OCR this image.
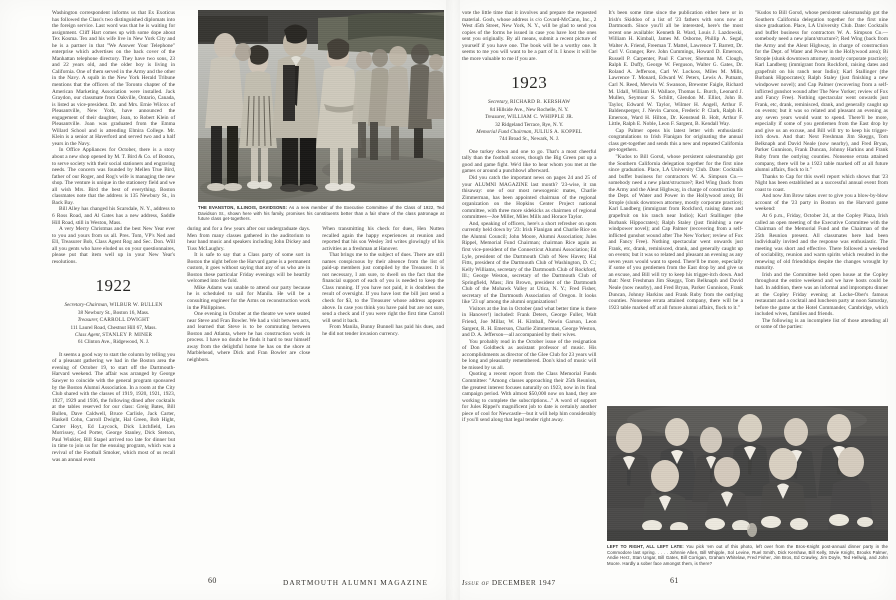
Washington correspondent informs us that Ex Exoticus has followed the Class's two distinguished diplomats into the foreign service. Last word was that he is waiting for assignment. Cliff Hart comes up with some dope about Tex Kosma. Tex and his wife live in New York City and he is a partner in that "We Answer Your Telephone" enterprise which advertises on the back cover of the Manhattan telephone directory. They have two sons, 23 and 22 years old, and the older boy is living in California. One of them served in the Army and the other in the Navy. A squib in the New York Herald Tribune mentions that the officers of the Toronto chapter of the American Marketing Association were installed. Jack Graydon, our classmate from Oakville, Ontario, Canada, is listed as vice-president. Dr. and Mrs. Ernie Wilcox of Pleasantville, New York, have announced the engagement of their daughter, Joan, to Robert Klein of Pleasantville. Joan was graduated from the Emma Willard School and is attending Elmira College. Mr. Klein is a senior at Haverford and served two and a half years in the Navy.

In Office Appliances for October, there is a story about a new shop opened by M. T. Bird & Co. of Boston, to serve society with their social stationers and engraving needs. The concern was founded by Mellen True Bird, father of our Roger, and Rog's wife is managing the new shop. The venture is unique in the stationery field and we all wish Mrs. Bird the best of everything. Boston classmates note that the address is 135 Newbury St., in Back Bay.

Bill Alley has changed his Scarsdale, N. Y., address to 6 Ross Road, and Al Gates has a new address, Saddle Hill Road, still in Weston, Mass.

A very Merry Christmas and the best New Year ever to you and yours from us all. Pres. Tom, VP's Ned and Ell, Treasurer Bob, Class Agent Rog and Sec. Don. Will all you gents who have eluded us on your questionnaires, please put that item well up in your New Year's resolutions.

1922
Secretary-Chairman, WILBUR W. BULLEN
38 Newbury St., Boston 16, Mass.
Treasurer, CARROLL DWIGHT
111 Laurel Road, Chestnut Hill 67, Mass.
Class Agent, STANLEY P. MINER
61 Clinton Ave., Ridgewood, N. J.

It seems a good way to start the column by telling you of a pleasant gathering we had in the Boston area the evening of October 19, to start off the Dartmouth-Harvard weekend. The affair was arranged by George Sawyer to coincide with the general program sponsored by the Boston Alumni Association. In a room at the City Club shared with the classes of 1919, 1920, 1921, 1923, 1927, 1929 and 1936, the following dined after cocktails at the tables reserved for our class: Greig Bates, Bill Bullen, Dave Caldwell, Bruce Carlisle, Jack Carter, Haskell Cohn, Carroll Dwight, Hal Green, Bob Hight, Carter Hoyt, Ed Laycock, Dick Litchfield, Len Morrissey, Ced Porter, George Stanley, Dick Stetson, Paul Winkler, Bill Stapel arrived too late for dinner but in time to join us for the ensuing program, which was a revival of the Football Smoker, which most of us recall was an annual event

during and for a few years after our undergraduate days. Men from many classes gathered in the auditorium to hear band music and speakers including John Dickey and Tuss McLaughry.

It is safe to say that a Class party of some sort in Boston the night before the Harvard game is a permanent custom, it goes without saying that any of us who are in Boston these particular Friday evenings will be heartily welcomed into the fold.

Mike Adams was unable to attend our party because he is scheduled to sail for Manila. He will be a consulting engineer for the Arms on reconstruction work in the Philippines.

One evening in October at the theatre we were seated near Steve and Fran Bowler. We had a visit between acts, and learned that Steve is to be commuting between Boston and Atlanta, where he has construction work in process. I have no doubt he finds it hard to tear himself away from the delightful home he has on the shore at Marblehead, where Dick and Fran Bowler are close neighbors.

When transmitting his check for dues, Hen Nutten recalled again the happy experiences at reunion and reported that his son Wesley 3rd writes glowingly of his activities as a freshman at Hanover.

That brings me to the subject of dues. There are still names conspicuous by their absence from the list of paid-up members just compiled by the Treasurer. It is not necessary, I am sure, to dwell on the fact that the financial support of each of you is needed to keep the Class running. If you have not paid, it is doubtless the result of oversight. If you have lost the bill just send a check for $3, to the Treasurer whose address appears above. In case you think you have paid but are not sure, send a check and if you were right the first time Carroll will send it back.

From Manila, Bunny Bunnell has paid his dues, and he did not tender invasion currency.

THE EVANSTON, ILLINOIS, DAVIDSONS: As a new member of the Executive Committee of the Class of 1922, Ted Davidson Sr., shown here with his family, promises his constituents better than a fair share of the class patronage at future class get-togethers.
60	DARTMOUTH ALUMNI MAGAZINE

vote the little time that it involves and prepare the requested material. Gosh, whose address is c/o Covard-McCann, Inc., 2 West 45th Street, New York, N. Y., will be glad to send you copies of the forms he issued in case you have lost the ones sent you originally. By all means, submit a recent picture of yourself if you have one. The book will be a worthy one. It seems to me you will want to be a part of it. I know it will be the more valuable to me if you are.

1923
Secretary, RICHARD B. KERSHAW
84 Hillside Ave., New Rochelle, N. Y.
Treasurer, WILLIAM C. WHIPPLE JR.
32 Ridgeland Terrace, Rye, N. Y.
Memorial Fund Chairman, JULIUS A. KOPPEL
744 Broad St., Newark, N. J.

One turkey down and one to go. That's a most cheerful tally than the football scores, though the Big Green put up a good and game fight. We'd like to hear whom you met at the games or around a punchbowl afterward.

Did you catch the important news on pages 24 and 25 of your ALUMNI MAGAZINE last month? '23-wise, it ran thisaway: one of our most newsogenic mates, Charlie Zimmerman, has been appointed chairman of the regional organization on the Hopkins Center Project national committee, with three more sidekicks as chairmen of regional committees—Joe Miller, Miles Mills and Horace Taylor.

And, speaking of officers, here's a short refresher on spots currently held down by '23: Irish Flanigan and Charlie Rice on the Alumni Council; John Moore, Alumni Association; Jules Rippel, Memorial Fund Chairman; chairman Rice again as first vice-president of the Connecticut Alumni Association; Ed Lyle, president of the Dartmouth Club of New Haven; Hal Fitts, president of the Dartmouth Club of Washington, D. C.; Kelly Williams, secretary of the Dartmouth Club of Rockford, Ill.; George Weston, secretary of the Dartmouth Club of Springfield, Mass; Jim Brown, president of the Dartmouth Club of the Mohawk Valley at Utica, N. Y.; Fred Fisher, secretary of the Dartmouth Association of Oregon. It looks like '23 up' among the alumni organizations!

Visitors at the Inn in October (and what better time is there in Hanover!) included: Frank Deters, George Fuller, Walt Friend, Joe Millar, W. H. Kimball, Newin Garson, Leon Sargent, R. H. Emerson, Charlie Zimmerman, George Weston, and D. A. Jefferson—all accompanied by their wives.

You probably read in the October issue of the resignation of Don Goldbeck as assistant professor of music. His accomplishments as director of the Glee Club for 23 years will be long and pleasantly remembered. Don's kind of music will be missed by us all.

Quoting a recent report from the Class Memorial Funds Committee: "Among classes approaching their 25th Reunion, the greatest interest focuses naturally on 1923, now in its final campaign period. With almost $50,000 now on hand, they are working to complete the subscriptions..." A word of support for Jules Rippel's magnificent job to date is certainly another piece of cool for Newcastle—but it will help him considerably if you'll send along that legal tender right away.

It's been some time since the publication either here or in Irish's Skiddoo of a list of '23 fathers with sons now at Dartmouth. Since you'll all be interested, here's the most recent one available: Kenneth B. Ward, Louis J. Lazdowski, William H. Kimball, James M. Osborne, Phillip A. Segal, Walter A. Friend, Freeman T. Mattel, Lawrence T. Barrett, Dr. Carl V. Granger, Rev. John Cummings, Howard D. Emerson, Russell P. Carpenter, Paul F. Carver, Sherman M. Clough, Ralph E. Duffy, George W. Ferguson, Walter G. Gates, Dr. Roland A. Jefferson, Carl W. Lockoss, Miles M. Mills, Lawrence T. Monard, Edward W. Peters, Lewis A. Putnam, Carl N. Reed, Merwin W. Swanson, Brewster Faigle, Richard M. Udall, William H. Wallace, Thomas L. Burch, Leonard J. Mullen, Seymour S. Schlitt, Glendon M. Elliot, John B. Taylor, Edward W. Taylor, Wilmer H. Angell, Arthur F. Baldensperger, J. Nevin Carson, Frederic P. Clark, Ralph H. Emerson, Ward H. Hilton, Dr. Kenstead B. Holt, Arthur F. Little, Ralph E. Noble, Leon F. Sargent, B. Kendall Way.

Cap Palmer opens his latest letter with enthusiastic congratulations to Irish Flanigan for originating the annual class get-together and sends this a new and repeated California get-togethers.

"Kudos to Bill Gorsd, whose persistent salesmanship got the Southern California delegation together for the first nine since graduation. Place, LA University Club. Date: Cocktails and buffet business for contractors W. A. Simpson Co.—somebody need a new plant/structure?; Red Wing (back from the Army and the Aleut Highway, in charge of construction for the Dept. of Water and Power in the Hollywood area); Bi Strople (slunk downtown attorney, mostly corporate practice); Karl Landberg (immigrant from Rockford, raising dates and grapefruit on his ranch near Indio); Karl Stallinger (the Burbank Hippocrates); Ralph Staley (just finishing a new windpower novel); and Cap Palmer (recovering from a self-inflicted gunshot wound after The New Yorker; review of Fox and Fancy Free). Nothing spectacular went onwards just Frank, etc, drank, reminisced, drank, and generally caught up on events; but it was so related and pleasant an evening as any seven years would want to spend. There'll be more, especially if some of you gentlemen from the East drop by and give us an excuse, and Bill will try to keep his trigger-itch down. And that: Next Freshman Jim Skeggs, Tom Belknaph and David Neale (now nearby), and Fred Bryan, Parker Gunnison, Frank Duncan, Johnny Harkins and Frank Ruby from the outlying counties. Nonsense errata attained company, there will be a 1923 table marked off at all future alumni affairs, flock to it."

"Kudos to Bill Gorsd, whose persistent salesmanship got the Southern California delegation together for the first nine since graduation. Place, LA University Club. Date: Cocktails and buffet business for contractors W. A. Simpson Co.—somebody need a new plant/structure?; Red Wing (back from the Army and the Aleut Highway, in charge of construction for the Dept. of Water and Power in the Hollywood area); Bi Strople (slunk downtown attorney, mostly corporate practice); Karl Landberg (immigrant from Rockford, raising dates and grapefruit on his ranch near Indio); Karl Stallinger (the Burbank Hippocrates); Ralph Staley (just finishing a new windpower novel); and Cap Palmer (recovering from a self-inflicted gunshot wound after The New Yorker; review of Fox and Fancy Free). Nothing spectacular went onwards just Frank, etc, drank, reminisced, drank, and generally caught up on events; but it was so related and pleasant an evening as any seven years would want to spend. There'll be more, especially if some of you gentlemen from the East drop by and give us an excuse, and Bill will try to keep his trigger-itch down. And that: Next Freshman Jim Skeggs, Tom Belknaph and David Neale (now nearby), and Fred Bryan, Parker Gunnison, Frank Duncan, Johnny Harkins and Frank Ruby from the outlying counties. Nonsense errata attained company, there will be a 1923 table marked off at all future alumni affairs, flock to it."

Thanks to Cap for this swell report which shows that '23 Night has been established as a successful annual event from coast to coast.

And now Jim Brow takes over to give you a blow-by-blow account of the '23 party in Boston on the Harvard game weekend:

At 6 p.m., Friday, October 24, at the Copley Plaza, Irish called an open meeting of the Executive Committee with the Chairman of the Memorial Fund and the Chairman of the 25th Reunion present. All classmates here had been individually invited and the response was enthusiastic. The meeting was short and effective. There followed a weekend of sociability, reunion and warm spirits which resulted in the renewing of old friendships despite the changes wrought by maturity.

Irish and the Committee held open house at the Copley throughout the entire weekend and we have hosts could be had. In addition, there was an informal and impromptu dinner at the Copley Friday evening at Locke-Ober's famous restaurant and a cocktail and luncheon party at noon Saturday, before the game at the Hotel Commander, Cambridge, which included wives, families and friends.

The following is an incomplete list of those attending all or some of the parties:

LEFT TO RIGHT, ALL LEFT LATE: You pick 'em out of this photo, left over from the Bros-Knight post-annual dinner party in the Commodore last spring. . . . . Johnnie Allen, Bill Whipple, Sol Levine, Ruel Smith, Dick Kershaw, Bill Kelly, Stvie Knight, Brooks Palmer, Andie Herz, Stan Ungar, Bill Gates, Bill Corrigan, Graham Whitelaw, Fred Fisher, Jim Bros, Ed Crawley, Jim Doyle, Ted Hellwig, and John Moore. Hardly a sober face amongst them, is there?
Issue of DECEMBER 1947	61
